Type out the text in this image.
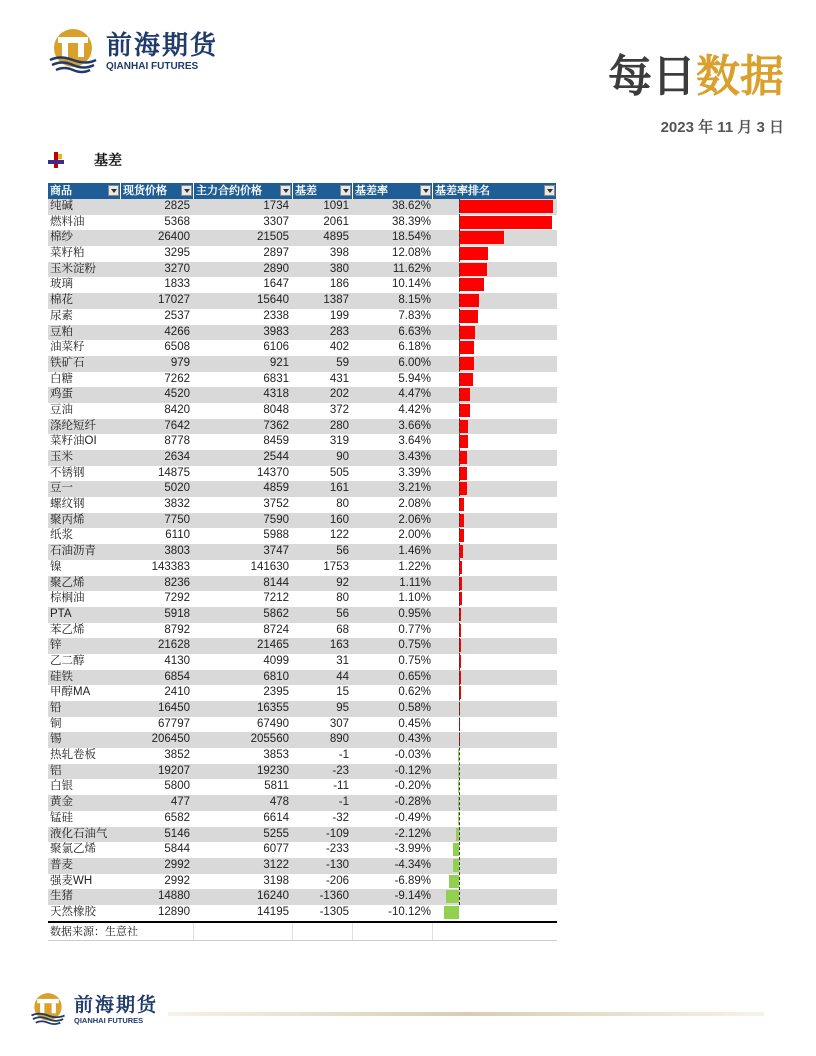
前海期货
QIANHAI FUTURES	每日数据
2023 年 11 月 3 日
基差
商品	现货价格	主力合约价格	基差	基差率	基差率排名
纯碱	2825	1734	1091	38.62%
燃料油	5368	3307	2061	38.39%
棉纱	26400	21505	4895	18.54%
菜籽粕	3295	2897	398	12.08%
玉米淀粉	3270	2890	380	11.62%
玻璃	1833	1647	186	10.14%
棉花	17027	15640	1387	8.15%
尿素	2537	2338	199	7.83%
豆粕	4266	3983	283	6.63%
油菜籽	6508	6106	402	6.18%
铁矿石	979	921	59	6.00%
白糖	7262	6831	431	5.94%
鸡蛋	4520	4318	202	4.47%
豆油	8420	8048	372	4.42%
涤纶短纤	7642	7362	280	3.66%
菜籽油OI	8778	8459	319	3.64%
玉米	2634	2544	90	3.43%
不锈钢	14875	14370	505	3.39%
豆一	5020	4859	161	3.21%
螺纹钢	3832	3752	80	2.08%
聚丙烯	7750	7590	160	2.06%
纸浆	6110	5988	122	2.00%
石油沥青	3803	3747	56	1.46%
镍	143383	141630	1753	1.22%
聚乙烯	8236	8144	92	1.11%
棕榈油	7292	7212	80	1.10%
PTA	5918	5862	56	0.95%
苯乙烯	8792	8724	68	0.77%
锌	21628	21465	163	0.75%
乙二醇	4130	4099	31	0.75%
硅铁	6854	6810	44	0.65%
甲醇MA	2410	2395	15	0.62%
铅	16450	16355	95	0.58%
铜	67797	67490	307	0.45%
锡	206450	205560	890	0.43%
热轧卷板	3852	3853	-1	-0.03%
铝	19207	19230	-23	-0.12%
白银	5800	5811	-11	-0.20%
黄金	477	478	-1	-0.28%
锰硅	6582	6614	-32	-0.49%
液化石油气	5146	5255	-109	-2.12%
聚氯乙烯	5844	6077	-233	-3.99%
普麦	2992	3122	-130	-4.34%
强麦WH	2992	3198	-206	-6.89%
生猪	14880	16240	-1360	-9.14%
天然橡胶	12890	14195	-1305	-10.12%
数据来源：生意社
前海期货
QIANHAI FUTURES
